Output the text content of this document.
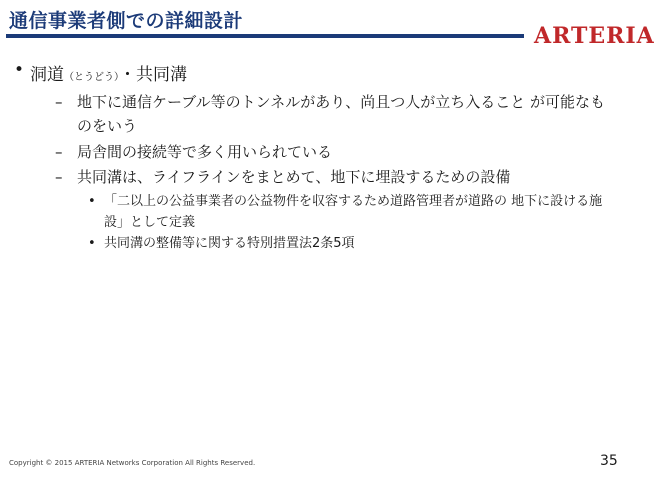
通信事業者側での詳細設計
ARTERIA
• 洞道（とうどう）・共同溝
– 地下に通信ケーブル等のトンネルがあり、尚且つ人が立ち入ること が可能なものをいう
– 局舎間の接続等で多く用いられている
– 共同溝は、ライフラインをまとめて、地下に埋設するための設備
• 「二以上の公益事業者の公益物件を収容するため道路管理者が道路の 地下に設ける施設」として定義
• 共同溝の整備等に関する特別措置法2条5項
Copyright © 2015 ARTERIA Networks Corporation All Rights Reserved.	35
